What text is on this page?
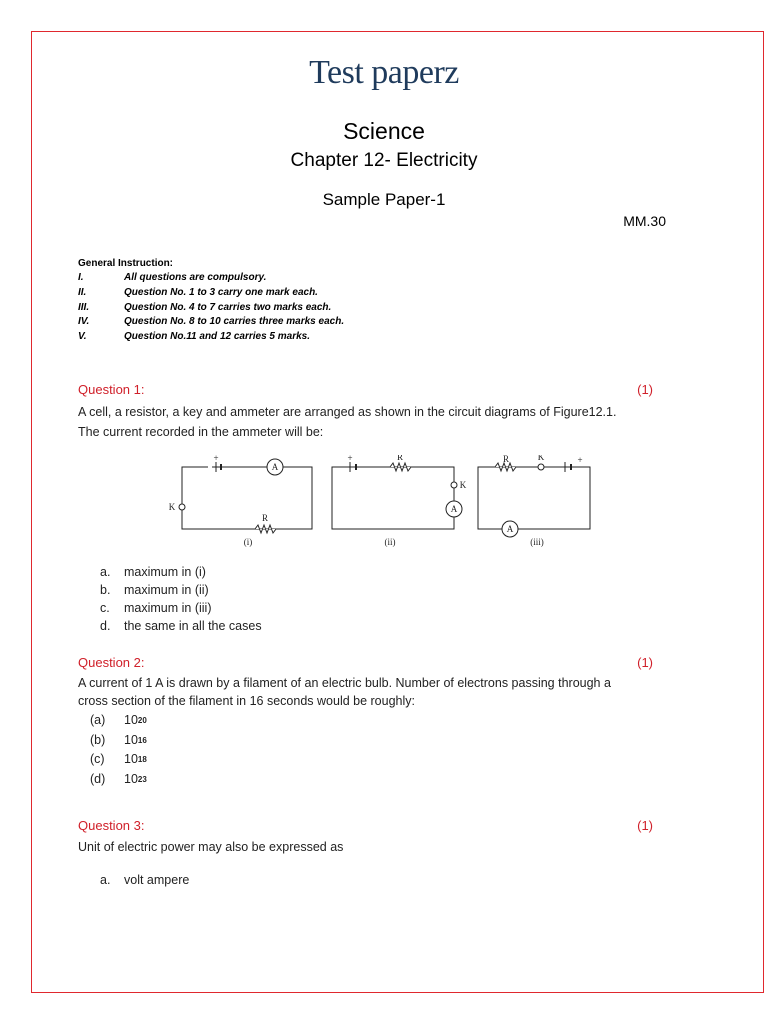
Test paperz
Science
Chapter 12- Electricity
Sample Paper-1
MM.30
General Instruction:
I.	All questions are compulsory.
II.	Question No. 1 to 3 carry one mark each.
III.	Question No. 4 to 7 carries two marks each.
IV.	Question No. 8 to 10 carries three marks each.
V.	Question No.11 and 12 carries 5 marks.
Question 1:	(1)
A cell, a resistor, a key and ammeter are arranged as shown in the circuit diagrams of Figure12.1.
The current recorded in the ammeter will be:
A
R
K
+
(i)
R
A
K
+
(ii)
R	K
A
+
(iii)
a.	maximum in (i)
b.	maximum in (ii)
c.	maximum in (iii)
d.	the same in all the cases
Question 2:	(1)
A current of 1 A is drawn by a filament of an electric bulb. Number of electrons passing through a
cross section of the filament in 16 seconds would be roughly:
(a)	10 20
(b)	10 16
(c)	10 18
(d)	10 23
Question 3:	(1)
Unit of electric power may also be expressed as
a.	volt ampere
